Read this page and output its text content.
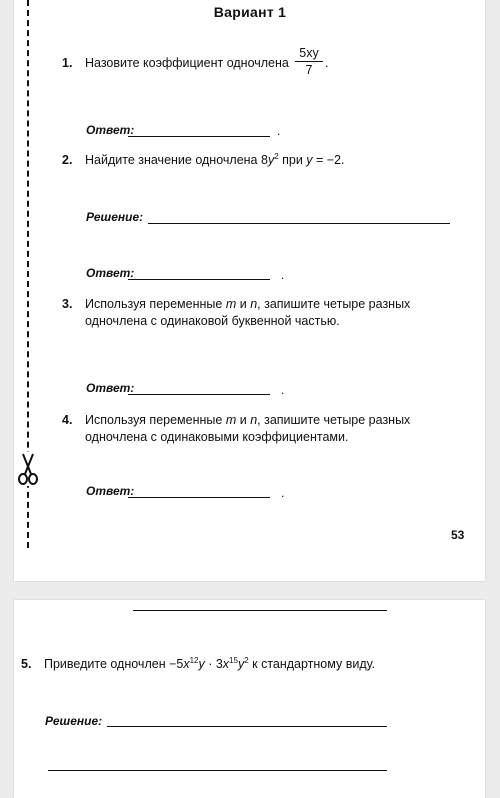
Вариант 1
1. Назовите коэффициент одночлена $\frac{5xy}{7}$ .
Ответ:	.
2. Найдите значение одночлена $8y^2$ при y = −2.
Решение:
Ответ:	.
3. Используя переменные m и n, запишите четыре разных
одночлена с одинаковой буквенной частью.
Ответ:	.
4. Используя переменные m и n, запишите четыре разных
одночлена с одинаковыми коэффициентами.
Ответ:	.
53
5. Приведите одночлен $-5x^{12}y \cdot 3x^{15}y^2$ к стандартному виду.
Решение:
